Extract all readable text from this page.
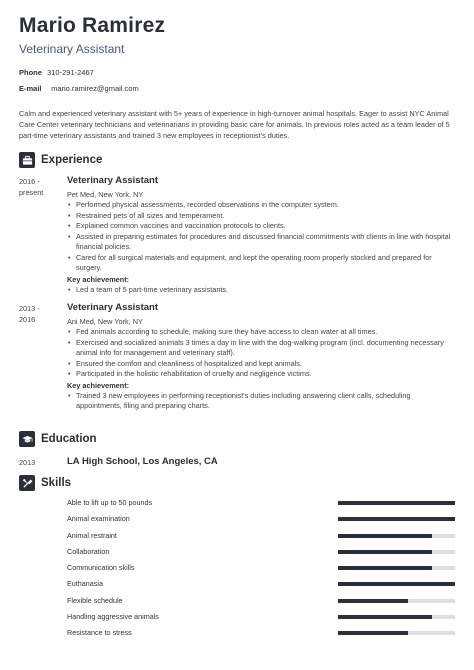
Mario Ramirez
Veterinary Assistant
Phone 310-291-2467
E-mail mario.ramirez@gmail.com
Calm and experienced veterinary assistant with 5+ years of experience in high-turnover animal hospitals. Eager to assist NYC Animal Care Center veterinary technicians and veterinarians in providing basic care for animals. In previous roles acted as a team leader of 5 part-time veterinary assistants and trained 3 new employees in receptionist's duties.
Experience
2016 -
present
Veterinary Assistant
Pet Med, New York, NY
• Performed physical assessments, recorded observations in the computer system.
• Restrained pets of all sizes and temperament.
• Explained common vaccines and vaccination protocols to clients.
• Assisted in preparing estimates for procedures and discussed financial commitments with clients in line with hospital financial policies.
• Cared for all surgical materials and equipment, and kept the operating room properly stocked and prepared for surgery.
Key achievement:
• Led a team of 5 part-time veterinary assistants.
2013 -
2016
Veterinary Assistant
Ani Med, New York, NY
• Fed animals according to schedule, making sure they have access to clean water at all times.
• Exercised and socialized animals 3 times a day in line with the dog-walking program (incl. documenting necessary animal info for management and veterinary staff).
• Ensured the comfort and cleanliness of hospitalized and kept animals.
• Participated in the holistic rehabilitation of cruelty and negligence victims.
Key achievement:
• Trained 3 new employees in performing receptionist's duties including answering client calls, scheduling appointments, filing and preparing charts.
Education
2013	LA High School, Los Angeles, CA
Skills
Able to lift up to 50 pounds
Animal examination
Animal restraint
Collaboration
Communication skills
Euthanasia
Flexible schedule
Handling aggressive animals
Resistance to stress
